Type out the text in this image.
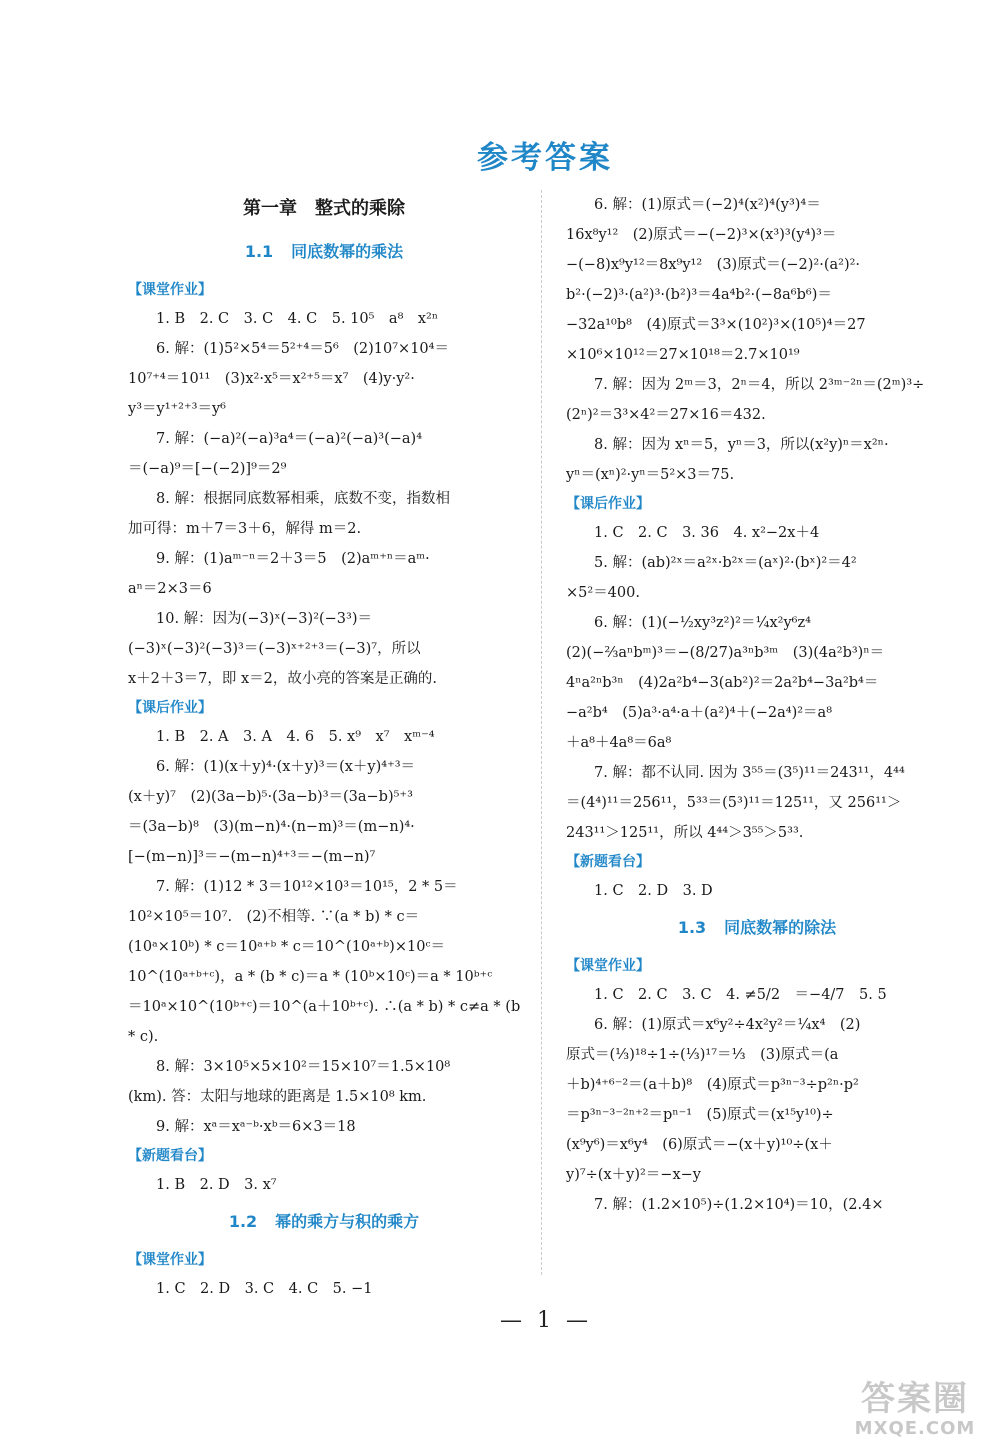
参考答案
第一章　整式的乘除
1.1 同底数幂的乘法
【课堂作业】
1. B　2. C　3. C　4. C　5. 10⁵　a⁸　x²ⁿ
6. 解：(1)5²×5⁴＝5²⁺⁴＝5⁶　(2)10⁷×10⁴＝
10⁷⁺⁴＝10¹¹　(3)x²·x⁵＝x²⁺⁵＝x⁷　(4)y·y²·
y³＝y¹⁺²⁺³＝y⁶
7. 解：(−a)²(−a)³a⁴＝(−a)²(−a)³(−a)⁴
＝(−a)⁹＝[−(−2)]⁹＝2⁹
8. 解：根据同底数幂相乘，底数不变，指数相
加可得：m＋7＝3＋6，解得 m＝2.
9. 解：(1)aᵐ⁻ⁿ＝2＋3＝5　(2)aᵐ⁺ⁿ＝aᵐ·
aⁿ＝2×3＝6
10. 解：因为(−3)ˣ(−3)²(−3³)＝
(−3)ˣ(−3)²(−3)³＝(−3)ˣ⁺²⁺³＝(−3)⁷，所以
x＋2＋3＝7，即 x＝2，故小亮的答案是正确的.
【课后作业】
1. B　2. A　3. A　4. 6　5. x⁹　x⁷　xᵐ⁻⁴
6. 解：(1)(x＋y)⁴·(x＋y)³＝(x＋y)⁴⁺³＝
(x＋y)⁷　(2)(3a−b)⁵·(3a−b)³＝(3a−b)⁵⁺³
＝(3a−b)⁸　(3)(m−n)⁴·(n−m)³＝(m−n)⁴·
[−(m−n)]³＝−(m−n)⁴⁺³＝−(m−n)⁷
7. 解：(1)12 * 3＝10¹²×10³＝10¹⁵，2 * 5＝
10²×10⁵＝10⁷.　(2)不相等. ∵(a * b) * c＝
(10ᵃ×10ᵇ) * c＝10ᵃ⁺ᵇ * c＝10^(10ᵃ⁺ᵇ)×10ᶜ＝
10^(10ᵃ⁺ᵇ⁺ᶜ)，a * (b * c)＝a * (10ᵇ×10ᶜ)＝a * 10ᵇ⁺ᶜ
＝10ᵃ×10^(10ᵇ⁺ᶜ)＝10^(a＋10ᵇ⁺ᶜ). ∴(a * b) * c≠a * (b
* c).
8. 解：3×10⁵×5×10²＝15×10⁷＝1.5×10⁸
(km). 答：太阳与地球的距离是 1.5×10⁸ km.
9. 解：xᵃ＝xᵃ⁻ᵇ·xᵇ＝6×3＝18
【新题看台】
1. B　2. D　3. x⁷
1.2 幂的乘方与积的乘方
【课堂作业】
1. C　2. D　3. C　4. C　5. −1
6. 解：(1)原式＝(−2)⁴(x²)⁴(y³)⁴＝
16x⁸y¹²　(2)原式＝−(−2)³×(x³)³(y⁴)³＝
−(−8)x⁹y¹²＝8x⁹y¹²　(3)原式＝(−2)²·(a²)²·
b²·(−2)³·(a²)³·(b²)³＝4a⁴b²·(−8a⁶b⁶)＝
−32a¹⁰b⁸　(4)原式＝3³×(10²)³×(10⁵)⁴＝27
×10⁶×10¹²＝27×10¹⁸＝2.7×10¹⁹
7. 解：因为 2ᵐ＝3，2ⁿ＝4，所以 2³ᵐ⁻²ⁿ＝(2ᵐ)³÷
(2ⁿ)²＝3³×4²＝27×16＝432.
8. 解：因为 xⁿ＝5，yⁿ＝3，所以(x²y)ⁿ＝x²ⁿ·
yⁿ＝(xⁿ)²·yⁿ＝5²×3＝75.
【课后作业】
1. C　2. C　3. 36　4. x²−2x＋4
5. 解：(ab)²ˣ＝a²ˣ·b²ˣ＝(aˣ)²·(bˣ)²＝4²
×5²＝400.
6. 解：(1)(−½xy³z²)²＝¼x²y⁶z⁴
(2)(−⅔aⁿbᵐ)³＝−(8/27)a³ⁿb³ᵐ　(3)(4a²b³)ⁿ＝
4ⁿa²ⁿb³ⁿ　(4)2a²b⁴−3(ab²)²＝2a²b⁴−3a²b⁴＝
−a²b⁴　(5)a³·a⁴·a＋(a²)⁴＋(−2a⁴)²＝a⁸
＋a⁸＋4a⁸＝6a⁸
7. 解：都不认同. 因为 3⁵⁵＝(3⁵)¹¹＝243¹¹，4⁴⁴
＝(4⁴)¹¹＝256¹¹，5³³＝(5³)¹¹＝125¹¹，又 256¹¹＞
243¹¹＞125¹¹，所以 4⁴⁴＞3⁵⁵＞5³³.
【新题看台】
1. C　2. D　3. D
1.3 同底数幂的除法
【课堂作业】
1. C　2. C　3. C　4. ≠5/2　＝−4/7　5. 5
6. 解：(1)原式＝x⁶y²÷4x²y²＝¼x⁴　(2)
原式＝(⅓)¹⁸÷1÷(⅓)¹⁷＝⅓　(3)原式＝(a
＋b)⁴⁺⁶⁻²＝(a＋b)⁸　(4)原式＝p³ⁿ⁻³÷p²ⁿ·p²
＝p³ⁿ⁻³⁻²ⁿ⁺²＝pⁿ⁻¹　(5)原式＝(x¹⁵y¹⁰)÷
(x⁹y⁶)＝x⁶y⁴　(6)原式＝−(x＋y)¹⁰÷(x＋
y)⁷÷(x＋y)²＝−x−y
7. 解：(1.2×10⁵)÷(1.2×10⁴)＝10，(2.4×
— 1 —
答案圈
MXQE.COM
